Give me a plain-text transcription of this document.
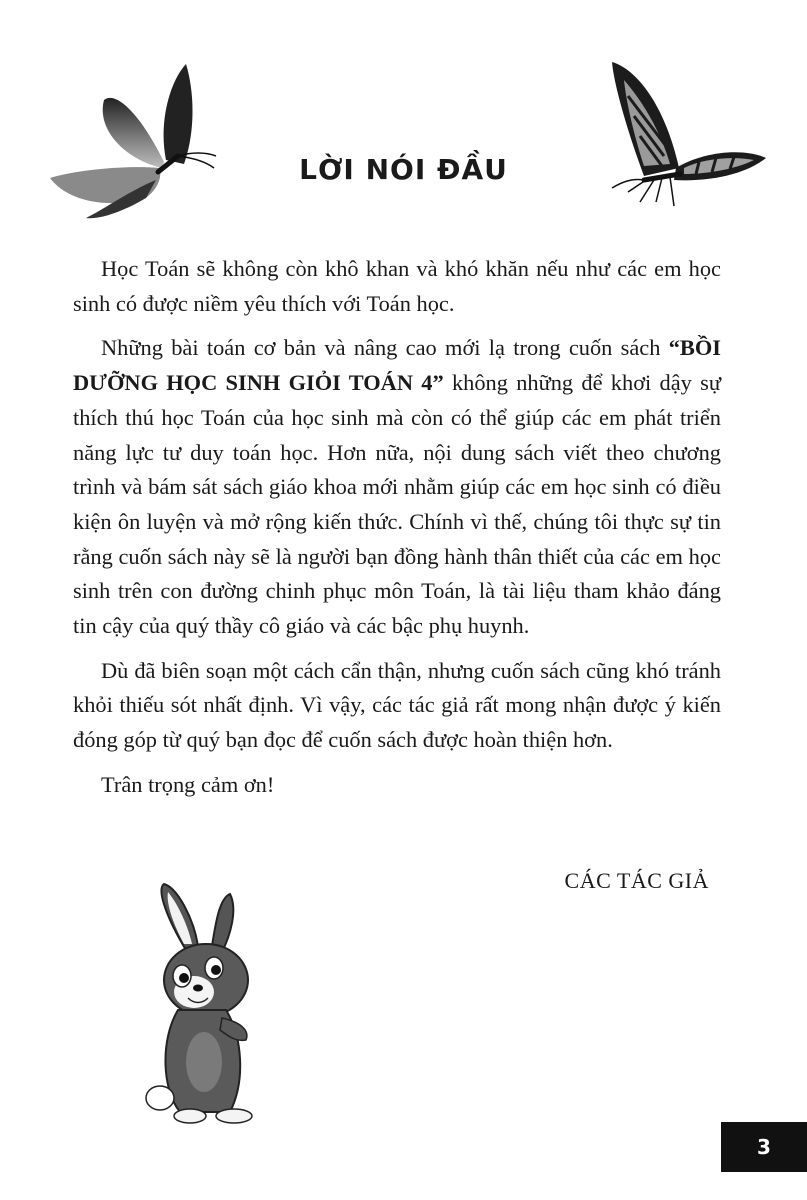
LỜI NÓI ĐẦU

Học Toán sẽ không còn khô khan và khó khăn nếu như các em học sinh có được niềm yêu thích với Toán học.

Những bài toán cơ bản và nâng cao mới lạ trong cuốn sách “BỒI DƯỠNG HỌC SINH GIỎI TOÁN 4” không những để khơi dậy sự thích thú học Toán của học sinh mà còn có thể giúp các em phát triển năng lực tư duy toán học. Hơn nữa, nội dung sách viết theo chương trình và bám sát sách giáo khoa mới nhằm giúp các em học sinh có điều kiện ôn luyện và mở rộng kiến thức. Chính vì thế, chúng tôi thực sự tin rằng cuốn sách này sẽ là người bạn đồng hành thân thiết của các em học sinh trên con đường chinh phục môn Toán, là tài liệu tham khảo đáng tin cậy của quý thầy cô giáo và các bậc phụ huynh.

Dù đã biên soạn một cách cẩn thận, nhưng cuốn sách cũng khó tránh khỏi thiếu sót nhất định. Vì vậy, các tác giả rất mong nhận được ý kiến đóng góp từ quý bạn đọc để cuốn sách được hoàn thiện hơn.

Trân trọng cảm ơn!

CÁC TÁC GIẢ
3
